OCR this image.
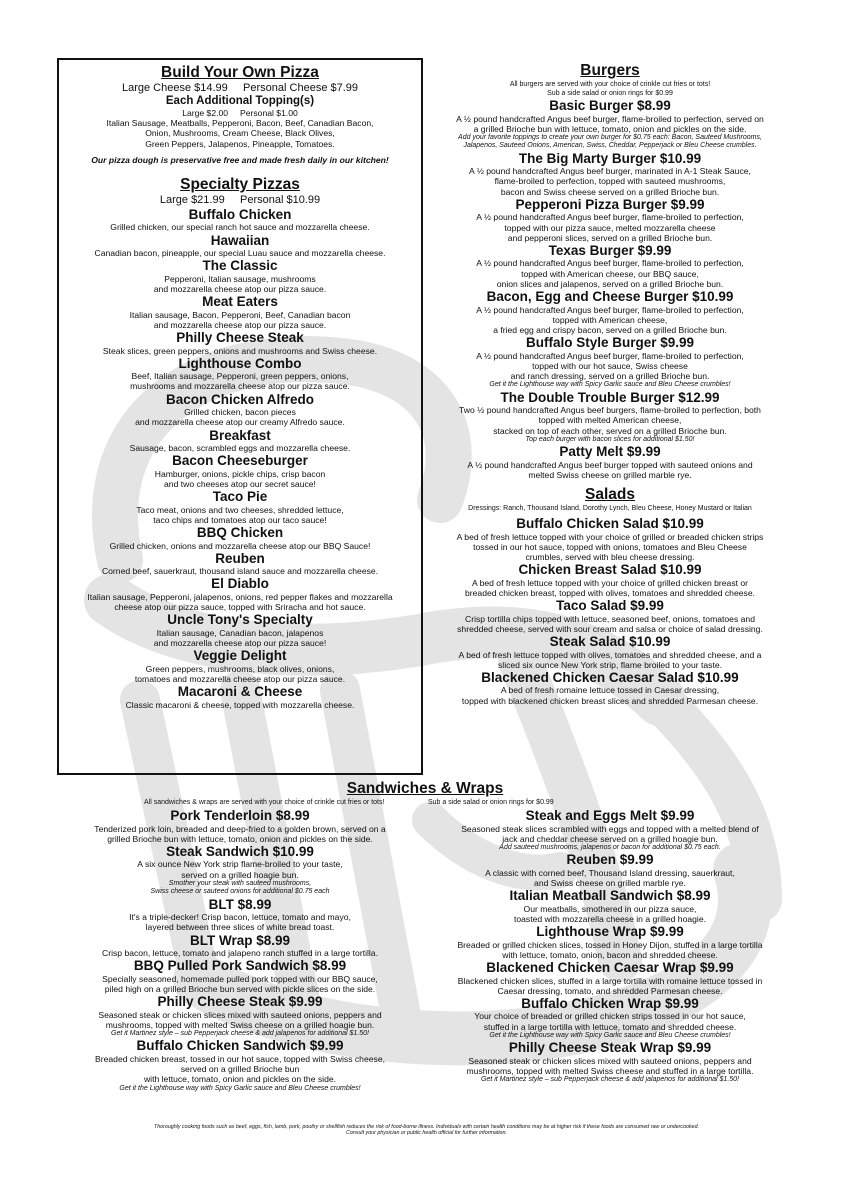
Build Your Own Pizza
Large Cheese $14.99     Personal Cheese $7.99
Each Additional Topping(s)
Large $2.00     Personal $1.00
Italian Sausage, Meatballs, Pepperoni, Bacon, Beef, Canadian Bacon,
Onion, Mushrooms, Cream Cheese, Black Olives,
Green Peppers, Jalapenos, Pineapple, Tomatoes.
Our pizza dough is preservative free and made fresh daily in our kitchen!
Specialty Pizzas
Large $21.99     Personal $10.99
Buffalo Chicken
Grilled chicken, our special ranch hot sauce and mozzarella cheese.
Hawaiian
Canadian bacon, pineapple, our special Luau sauce and mozzarella cheese.
The Classic
Pepperoni, Italian sausage, mushrooms
and mozzarella cheese atop our pizza sauce.
Meat Eaters
Italian sausage, Bacon, Pepperoni, Beef, Canadian bacon
and mozzarella cheese atop our pizza sauce.
Philly Cheese Steak
Steak slices, green peppers, onions and mushrooms and Swiss cheese.
Lighthouse Combo
Beef, Italian sausage, Pepperoni, green peppers, onions,
mushrooms and mozzarella cheese atop our pizza sauce.
Bacon Chicken Alfredo
Grilled chicken, bacon pieces
and mozzarella cheese atop our creamy Alfredo sauce.
Breakfast
Sausage, bacon, scrambled eggs and mozzarella cheese.
Bacon Cheeseburger
Hamburger, onions, pickle chips, crisp bacon
and two cheeses atop our secret sauce!
Taco Pie
Taco meat, onions and two cheeses, shredded lettuce,
taco chips and tomatoes atop our taco sauce!
BBQ Chicken
Grilled chicken, onions and mozzarella cheese atop our BBQ Sauce!
Reuben
Corned beef, sauerkraut, thousand island sauce and mozzarella cheese.
El Diablo
Italian sausage, Pepperoni, jalapenos, onions, red pepper flakes and mozzarella
cheese atop our pizza sauce, topped with Sriracha and hot sauce.
Uncle Tony's Specialty
Italian sausage, Canadian bacon, jalapenos
and mozzarella cheese atop our pizza sauce!
Veggie Delight
Green peppers, mushrooms, black olives, onions,
tomatoes and mozzarella cheese atop our pizza sauce.
Macaroni & Cheese
Classic macaroni & cheese, topped with mozzarella cheese.
Burgers
All burgers are served with your choice of crinkle cut fries or tots!
Sub a side salad or onion rings for $0.99
Basic Burger $8.99
A ½ pound handcrafted Angus beef burger, flame-broiled to perfection, served on
a grilled Brioche bun with lettuce, tomato, onion and pickles on the side.
Add your favorite toppings to create your own burger for $0.75 each: Bacon, Sauteed Mushrooms,
Jalapenos, Sauteed Onions, American, Swiss, Cheddar, Pepperjack or Bleu Cheese crumbles.
The Big Marty Burger $10.99
A ½ pound handcrafted Angus beef burger, marinated in A-1 Steak Sauce,
flame-broiled to perfection, topped with sauteed mushrooms,
bacon and Swiss cheese served on a grilled Brioche bun.
Pepperoni Pizza Burger $9.99
A ½ pound handcrafted Angus beef burger, flame-broiled to perfection,
topped with our pizza sauce, melted mozzarella cheese
and pepperoni slices, served on a grilled Brioche bun.
Texas Burger $9.99
A ½ pound handcrafted Angus beef burger, flame-broiled to perfection,
topped with American cheese, our BBQ sauce,
onion slices and jalapenos, served on a grilled Brioche bun.
Bacon, Egg and Cheese Burger $10.99
A ½ pound handcrafted Angus beef burger, flame-broiled to perfection,
topped with American cheese,
a fried egg and crispy bacon, served on a grilled Brioche bun.
Buffalo Style Burger $9.99
A ½ pound handcrafted Angus beef burger, flame-broiled to perfection,
topped with our hot sauce, Swiss cheese
and ranch dressing, served on a grilled Brioche bun.
Get it the Lighthouse way with Spicy Garlic sauce and Bleu Cheese crumbles!
The Double Trouble Burger $12.99
Two ½ pound handcrafted Angus beef burgers, flame-broiled to perfection, both
topped with melted American cheese,
stacked on top of each other, served on a grilled Brioche bun.
Top each burger with bacon slices for additional $1.50!
Patty Melt $9.99
A ½ pound handcrafted Angus beef burger topped with sauteed onions and
melted Swiss cheese on grilled marble rye.
Salads
Dressings: Ranch, Thousand Island, Dorothy Lynch, Bleu Cheese, Honey Mustard or Italian
Buffalo Chicken Salad $10.99
A bed of fresh lettuce topped with your choice of grilled or breaded chicken strips
tossed in our hot sauce, topped with onions, tomatoes and Bleu Cheese
crumbles, served with bleu cheese dressing.
Chicken Breast Salad $10.99
A bed of fresh lettuce topped with your choice of grilled chicken breast or
breaded chicken breast, topped with olives, tomatoes and shredded cheese.
Taco Salad $9.99
Crisp tortilla chips topped with lettuce, seasoned beef, onions, tomatoes and
shredded cheese, served with sour cream and salsa or choice of salad dressing.
Steak Salad $10.99
A bed of fresh lettuce topped with olives, tomatoes and shredded cheese, and a
sliced six ounce New York strip, flame broiled to your taste.
Blackened Chicken Caesar Salad $10.99
A bed of fresh romaine lettuce tossed in Caesar dressing,
topped with blackened chicken breast slices and shredded Parmesan cheese.
Sandwiches & Wraps
All sandwiches & wraps are served with your choice of crinkle cut fries or tots!	Sub a side salad or onion rings for $0.99
Pork Tenderloin $8.99
Tenderized pork loin, breaded and deep-fried to a golden brown, served on a
grilled Brioche bun with lettuce, tomato, onion and pickles on the side.
Steak Sandwich $10.99
A six ounce New York strip flame-broiled to your taste,
served on a grilled hoagie bun.
Smother your steak with sauteed mushrooms,
Swiss cheese or sauteed onions for additional $0.75 each
BLT $8.99
It's a triple-decker! Crisp bacon, lettuce, tomato and mayo,
layered between three slices of white bread toast.
BLT Wrap $8.99
Crisp bacon, lettuce, tomato and jalapeno ranch stuffed in a large tortilla.
BBQ Pulled Pork Sandwich $8.99
Specially seasoned, homemade pulled pork topped with our BBQ sauce,
piled high on a grilled Brioche bun served with pickle slices on the side.
Philly Cheese Steak $9.99
Seasoned steak or chicken slices mixed with sauteed onions, peppers and
mushrooms, topped with melted Swiss cheese on a grilled hoagie bun.
Get it Martinez style – sub Pepperjack cheese & add jalapenos for additional $1.50!
Buffalo Chicken Sandwich $9.99
Breaded chicken breast, tossed in our hot sauce, topped with Swiss cheese,
served on a grilled Brioche bun
with lettuce, tomato, onion and pickles on the side.
Get it the Lighthouse way with Spicy Garlic sauce and Bleu Cheese crumbles!
Steak and Eggs Melt $9.99
Seasoned steak slices scrambled with eggs and topped with a melted blend of
jack and cheddar cheese served on a grilled hoagie bun.
Add sauteed mushrooms, jalapenos or bacon for additional $0.75 each.
Reuben $9.99
A classic with corned beef, Thousand Island dressing, sauerkraut,
and Swiss cheese on grilled marble rye.
Italian Meatball Sandwich $8.99
Our meatballs, smothered in our pizza sauce,
toasted with mozzarella cheese in a grilled hoagie.
Lighthouse Wrap $9.99
Breaded or grilled chicken slices, tossed in Honey Dijon, stuffed in a large tortilla
with lettuce, tomato, onion, bacon and shredded cheese.
Blackened Chicken Caesar Wrap $9.99
Blackened chicken slices, stuffed in a large tortilla with romaine lettuce tossed in
Caesar dressing, tomato, and shredded Parmesan cheese.
Buffalo Chicken Wrap $9.99
Your choice of breaded or grilled chicken strips tossed in our hot sauce,
stuffed in a large tortilla with lettuce, tomato and shredded cheese.
Get it the Lighthouse way with Spicy Garlic sauce and Bleu Cheese crumbles!
Philly Cheese Steak Wrap $9.99
Seasoned steak or chicken slices mixed with sauteed onions, peppers and
mushrooms, topped with melted Swiss cheese and stuffed in a large tortilla.
Get it Martinez style – sub Pepperjack cheese & add jalapenos for additional $1.50!
Thoroughly cooking foods such as beef, eggs, fish, lamb, pork, poultry or shellfish reduces the risk of food-borne illness. Individuals with certain health conditions may be at higher risk if these foods are consumed raw or undercooked.
Consult your physician or public health official for further information.
